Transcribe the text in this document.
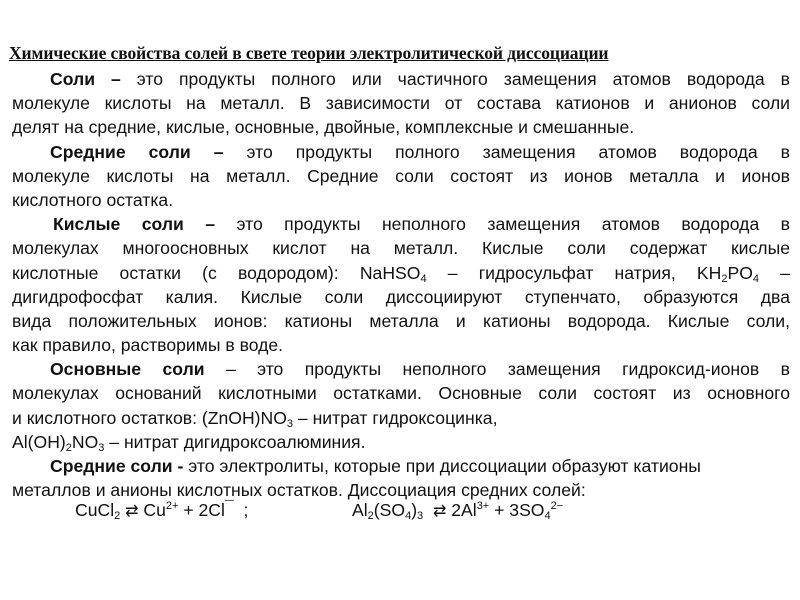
Химические свойства солей в свете теории электролитической диссоциации
Соли – это продукты полного или частичного замещения атомов водорода в
молекуле кислоты на металл. В зависимости от состава катионов и анионов соли
делят на средние, кислые, основные, двойные, комплексные и смешанные.
Средние соли – это продукты полного замещения атомов водорода в
молекуле кислоты на металл. Средние соли состоят из ионов металла и ионов
кислотного остатка.
Кислые соли – это продукты неполного замещения атомов водорода в
молекулах многоосновных кислот на металл. Кислые соли содержат кислые
кислотные остатки (с водородом): NaHSO$_4$ – гидросульфат натрия, $KH_2PO_4$ –
дигидрофосфат калия. Кислые соли диссоциируют ступенчато, образуются два
вида положительных ионов: катионы металла и катионы водорода. Кислые соли,
как правило, растворимы в воде.
Основные соли – это продукты неполного замещения гидроксид-ионов в
молекулах оснований кислотными остатками. Основные соли состоят из основного
и кислотного остатков: $(ZnOH)NO_3$ – нитрат гидроксоцинка,
$Al(OH)_2NO_3$ – нитрат дигидроксоалюминия.
Средние соли - это электролиты, которые при диссоциации образуют катионы
металлов и анионы кислотных остатков. Диссоциация средних солей:
CuCl$_2$ ⇄ $Cu^{2+} + 2Cl^¯$  ;	$Al_2(SO_4)_3$ ⇄ $2Al^{3+} + 3SO_4^{2-}$
